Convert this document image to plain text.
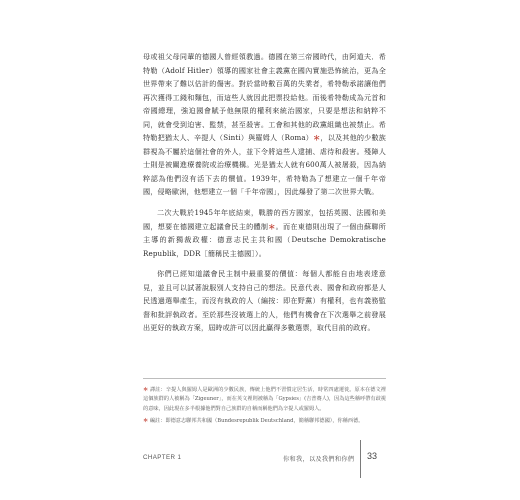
母或祖父母同輩的德國人曾經領教過。德國在第三帝國時代，由阿道夫．希特勒（Adolf Hitler）領導的國家社會主義黨在國內實施恐怖統治，更為全世界帶來了難以估計的傷害。對於當時數百萬的失業者，希特勒承諾讓他們再次獲得工錢和麵包，而這些人就因此把票投給他。而後希特勒成為元首和帝國總理，強迫國會賦予他無限的權利來統治國家，只要是想法和納粹不同，就會受到迫害、監禁，甚至殺害。工會和其他的政黨組織也被禁止。希特勒把猶太人、辛提人（Sinti）與羅姆人（Roma）＊，以及其他的少數族群視為不屬於這個社會的外人，並下令將這些人逮捕、虐待和殺害。殘障人士則是被關進療養院或治療機構。光是猶太人就有600萬人被屠殺，因為納粹認為他們沒有活下去的價值。1939年，希特勒為了想建立一個千年帝國，侵略歐洲，他想建立一個「千年帝國」，因此爆發了第二次世界大戰。

二次大戰於1945年年底結束，戰勝的西方國家，包括英國、法國和美國，想要在德國建立起議會民主的體制＊。而在東德則出現了一個由蘇聯所主導的新獨裁政權：德意志民主共和國（Deutsche Demokratische Republik，DDR［簡稱民主德國］）。

你們已經知道議會民主制中最重要的價值：每個人都能自由地表達意見，並且可以試著說服別人支持自己的想法。民意代表、國會和政府都是人民透過選舉產生，而沒有執政的人（編按：即在野黨）有權利，也有義務監督和批評執政者。至於那些沒被選上的人，他們有機會在下次選舉之前發展出更好的執政方案，屆時或許可以因此贏得多數選票，取代目前的政府。

＊ 譯註：辛提人與羅姆人是歐洲的少數民族，傳統上他們不習慣定居生活，時常四處遷徙。原本在德文裡這個族群的人被稱為「Zigeuner」，而在英文裡則被稱為「Gypsies」(吉普賽人)，因為這些稱呼帶有歧視的意味，因此現在多半根據他們對自己族群的自稱而稱他們為辛提人或羅姆人。

＊ 編註：即德意志聯邦共和國（Bundesrepublik Deutschland，簡稱聯邦德國），你稱西德。

CHAPTER 1	你和我，以及我們和你們 33
